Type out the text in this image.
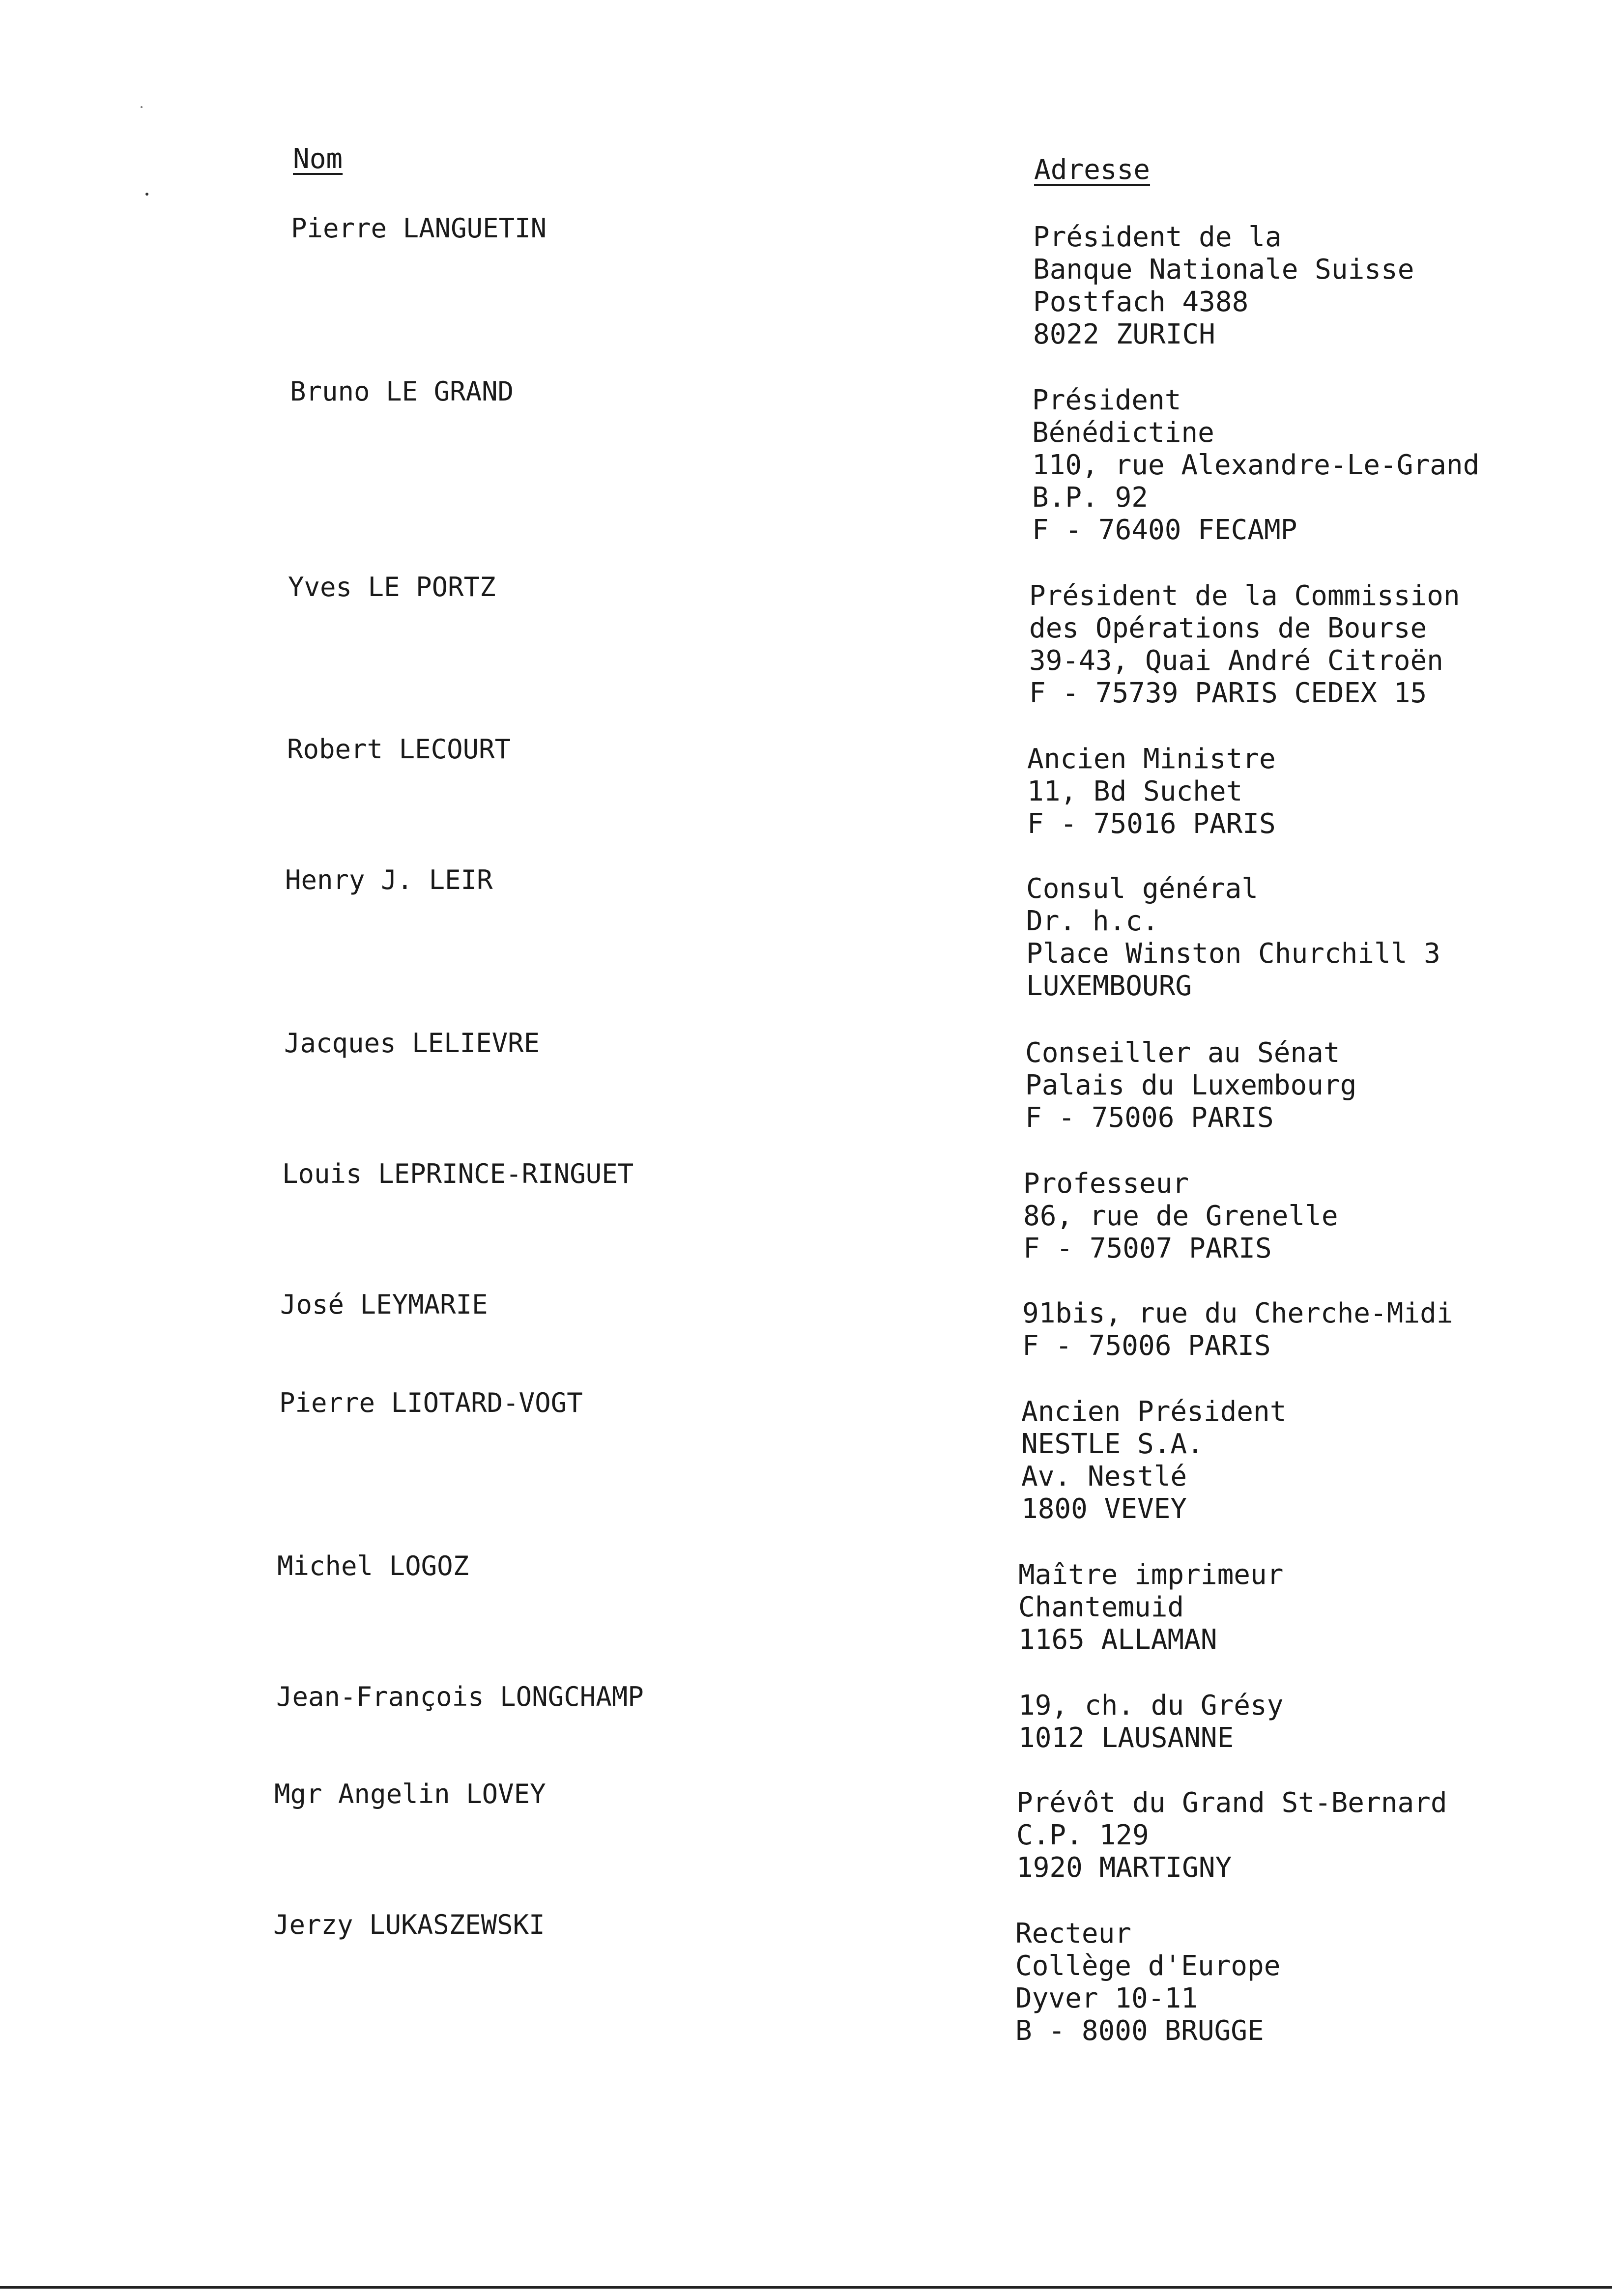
Nom	Adresse
Pierre LANGUETIN	Président de la
Banque Nationale Suisse
Postfach 4388
8022 ZURICH
Bruno LE GRAND	Président
Bénédictine
110, rue Alexandre-Le-Grand
B.P. 92
F - 76400 FECAMP
Yves LE PORTZ	Président de la Commission
des Opérations de Bourse
39-43, Quai André Citroën
F - 75739 PARIS CEDEX 15
Robert LECOURT	Ancien Ministre
11, Bd Suchet
F - 75016 PARIS
Henry J. LEIR	Consul général
Dr. h.c.
Place Winston Churchill 3
LUXEMBOURG
Jacques LELIEVRE	Conseiller au Sénat
Palais du Luxembourg
F - 75006 PARIS
Louis LEPRINCE-RINGUET	Professeur
86, rue de Grenelle
F - 75007 PARIS
José LEYMARIE	91bis, rue du Cherche-Midi
F - 75006 PARIS
Pierre LIOTARD-VOGT	Ancien Président
NESTLE S.A.
Av. Nestlé
1800 VEVEY
Michel LOGOZ	Maître imprimeur
Chantemuid
1165 ALLAMAN
Jean-François LONGCHAMP	19, ch. du Grésy
1012 LAUSANNE
Mgr Angelin LOVEY	Prévôt du Grand St-Bernard
C.P. 129
1920 MARTIGNY
Jerzy LUKASZEWSKI	Recteur
Collège d'Europe
Dyver 10-11
B - 8000 BRUGGE
